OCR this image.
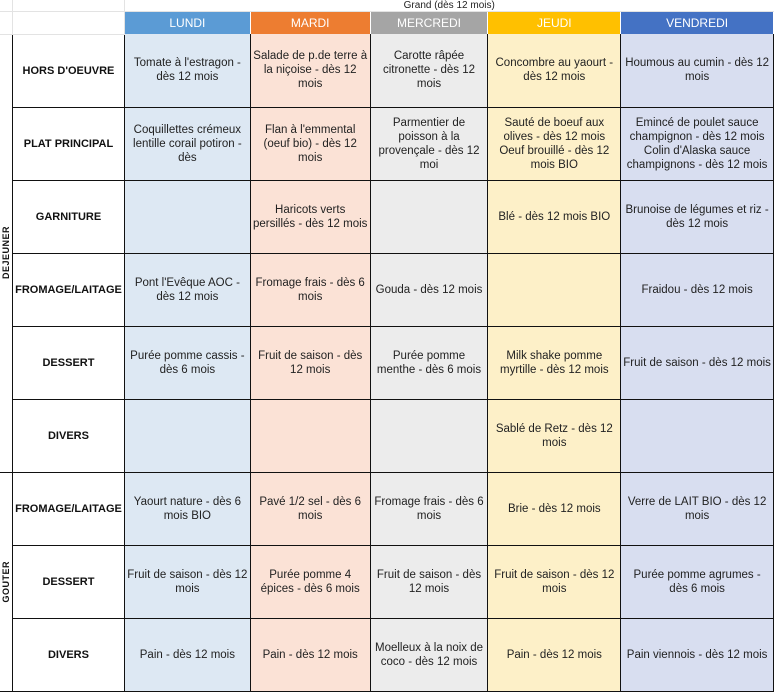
		Grand (dès 12 mois)				
		LUNDI	MARDI	MERCREDI	JEUDI	VENDREDI

DEJEUNER	HORS D'OEUVRE	Tomate à l'estragon - dès 12 mois	Salade de p.de terre à la niçoise - dès 12 mois	Carotte râpée citronette - dès 12 mois	Concombre au yaourt - dès 12 mois	Houmous au cumin - dès 12 mois
	PLAT PRINCIPAL	Coquillettes crémeux lentille corail potiron - dès	Flan à l'emmental (oeuf bio) - dès 12 mois	Parmentier de poisson à la provençale - dès 12 moi	Sauté de boeuf aux olives - dès 12 mois Oeuf brouillé - dès 12 mois BIO	Emincé de poulet sauce champignon - dès 12 mois Colin d'Alaska sauce champignons - dès 12 mois
	GARNITURE		Haricots verts persillés - dès 12 mois		Blé - dès 12 mois BIO	Brunoise de légumes et riz - dès 12 mois
	FROMAGE/LAITAGE	Pont l'Evêque AOC - dès 12 mois	Fromage frais - dès 6 mois	Gouda - dès 12 mois		Fraidou - dès 12 mois
	DESSERT	Purée pomme cassis - dès 6 mois	Fruit de saison - dès 12 mois	Purée pomme menthe - dès 6 mois	Milk shake pomme myrtille - dès 12 mois	Fruit de saison - dès 12 mois
	DIVERS				Sablé de Retz - dès 12 mois	

GOUTER	FROMAGE/LAITAGE	Yaourt nature - dès 6 mois BIO	Pavé 1/2 sel - dès 6 mois	Fromage frais - dès 6 mois	Brie - dès 12 mois	Verre de LAIT BIO - dès 12 mois
	DESSERT	Fruit de saison - dès 12 mois	Purée pomme 4 épices - dès 6 mois	Fruit de saison - dès 12 mois	Fruit de saison - dès 12 mois	Purée pomme agrumes - dès 6 mois
	DIVERS	Pain - dès 12 mois	Pain - dès 12 mois	Moelleux à la noix de coco - dès 12 mois	Pain - dès 12 mois	Pain viennois - dès 12 mois
